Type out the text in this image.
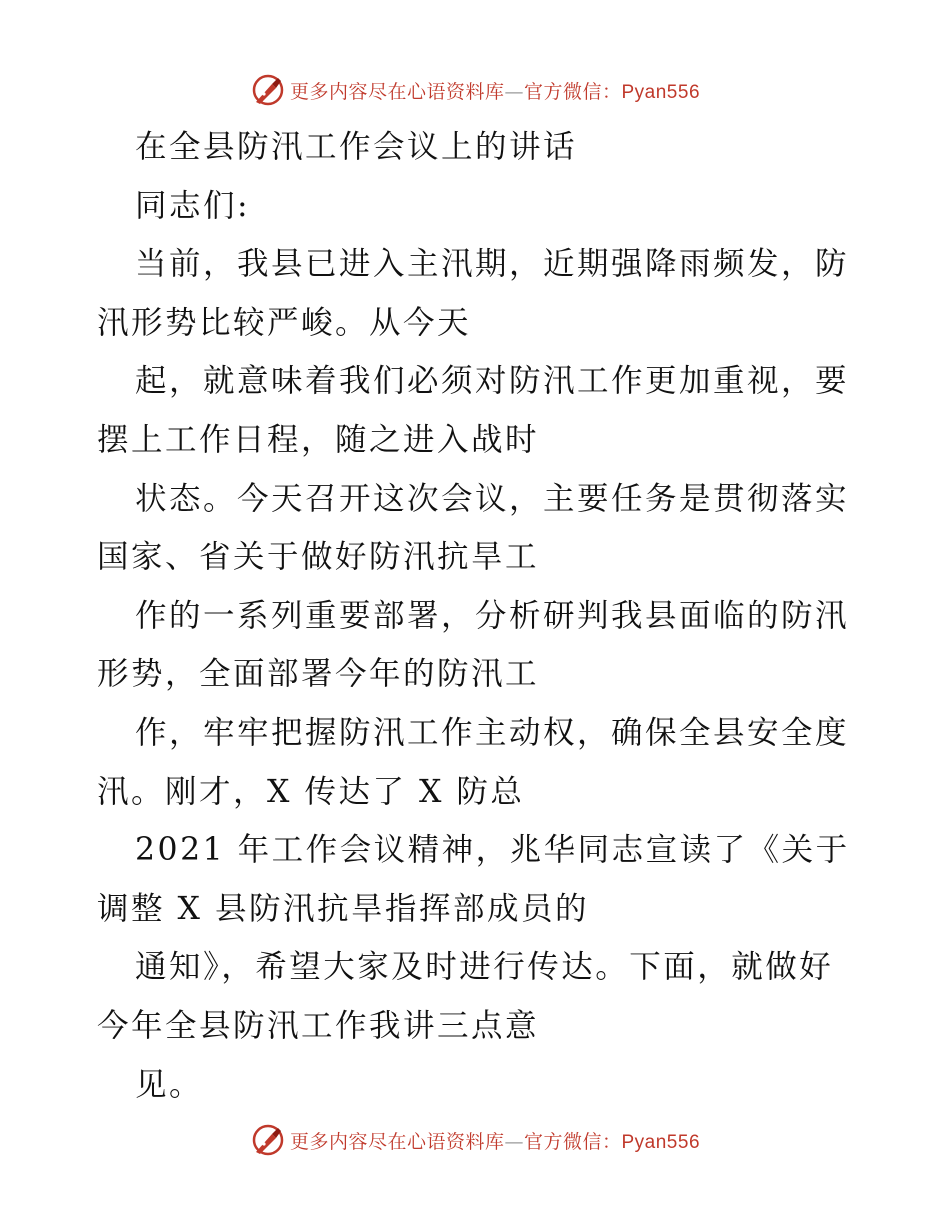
更多内容尽在心语资料库—官方微信：Pyan556
在全县防汛工作会议上的讲话
同志们:
当前，我县已进入主汛期，近期强降雨频发，防
汛形势比较严峻。从今天
起，就意味着我们必须对防汛工作更加重视，要
摆上工作日程，随之进入战时
状态。今天召开这次会议，主要任务是贯彻落实
国家、省关于做好防汛抗旱工
作的一系列重要部署，分析研判我县面临的防汛
形势，全面部署今年的防汛工
作，牢牢把握防汛工作主动权，确保全县安全度
汛。刚才，X 传达了 X 防总
2021 年工作会议精神，兆华同志宣读了《关于
调整 X 县防汛抗旱指挥部成员的
通知》，希望大家及时进行传达。下面，就做好
今年全县防汛工作我讲三点意
见。
更多内容尽在心语资料库—官方微信：Pyan556
